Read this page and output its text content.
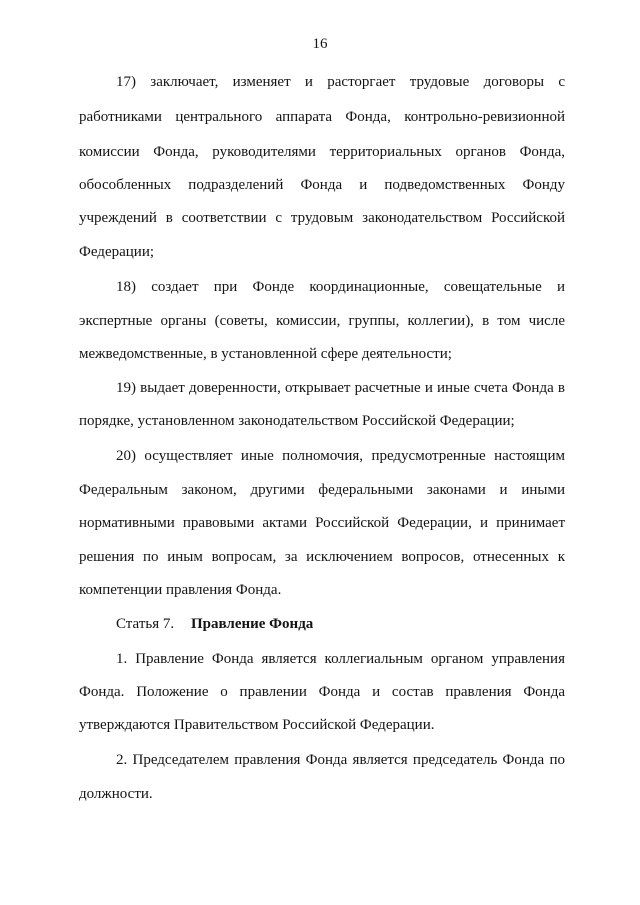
16
17) заключает, изменяет и расторгает трудовые договоры с
работниками центрального аппарата Фонда, контрольно-ревизионной
комиссии Фонда, руководителями территориальных органов Фонда,
обособленных подразделений Фонда и подведомственных Фонду
учреждений в соответствии с трудовым законодательством Российской
Федерации;
18) создает при Фонде координационные, совещательные и
экспертные органы (советы, комиссии, группы, коллегии), в том числе
межведомственные, в установленной сфере деятельности;
19) выдает доверенности, открывает расчетные и иные счета Фонда в
порядке, установленном законодательством Российской Федерации;
20) осуществляет иные полномочия, предусмотренные настоящим
Федеральным законом, другими федеральными законами и иными
нормативными правовыми актами Российской Федерации, и принимает
решения по иным вопросам, за исключением вопросов, отнесенных к
компетенции правления Фонда.
Статья 7. Правление Фонда
1. Правление Фонда является коллегиальным органом управления
Фонда. Положение о правлении Фонда и состав правления Фонда
утверждаются Правительством Российской Федерации.
2. Председателем правления Фонда является председатель Фонда по
должности.
